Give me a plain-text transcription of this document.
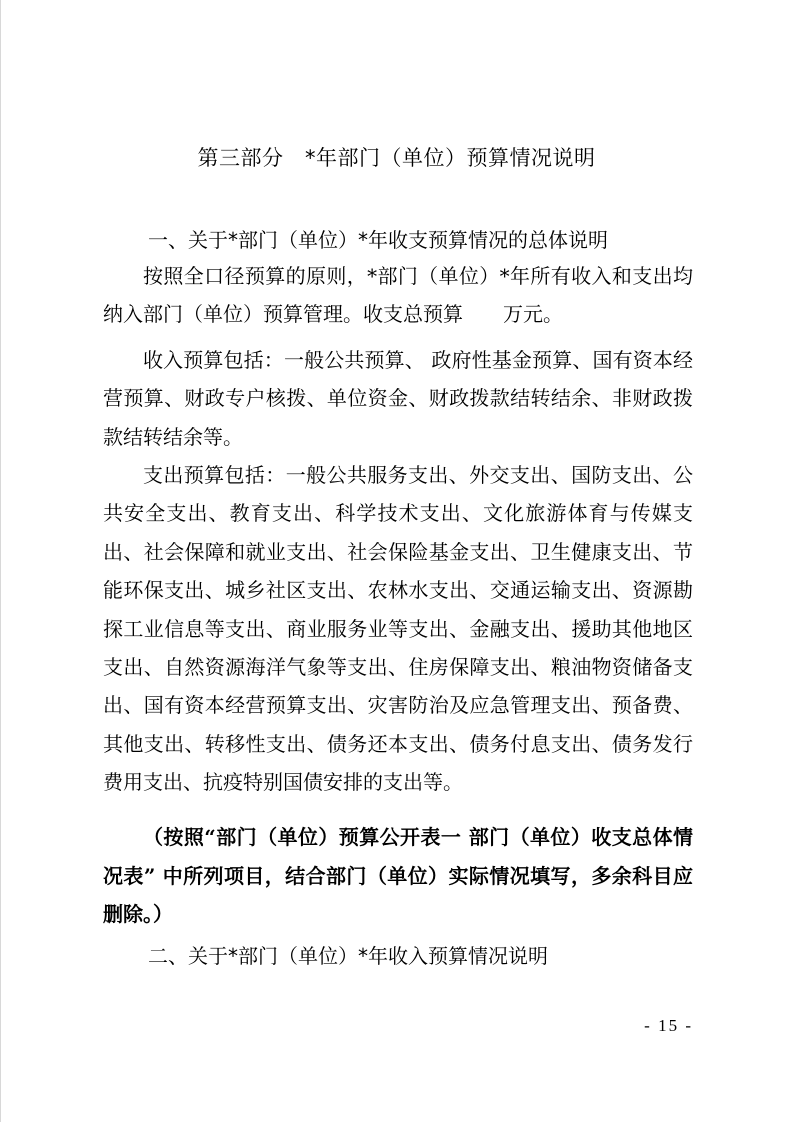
第三部分　*年部门（单位）预算情况说明
一、关于*部门（单位）*年收支预算情况的总体说明

按照全口径预算的原则，*部门（单位）*年所有收入和支出均纳入部门（单位）预算管理。收支总预算　　万元。

收入预算包括：一般公共预算、 政府性基金预算、国有资本经营预算、财政专户核拨、单位资金、财政拨款结转结余、非财政拨款结转结余等。

支出预算包括：一般公共服务支出、外交支出、国防支出、公共安全支出、教育支出、科学技术支出、文化旅游体育与传媒支出、社会保障和就业支出、社会保险基金支出、卫生健康支出、节能环保支出、城乡社区支出、农林水支出、交通运输支出、资源勘探工业信息等支出、商业服务业等支出、金融支出、援助其他地区支出、自然资源海洋气象等支出、住房保障支出、粮油物资储备支出、国有资本经营预算支出、灾害防治及应急管理支出、预备费、其他支出、转移性支出、债务还本支出、债务付息支出、债务发行费用支出、抗疫特别国债安排的支出等。

（按照“部门（单位）预算公开表一 部门（单位）收支总体情况表” 中所列项目，结合部门（单位）实际情况填写，多余科目应删除。）

二、关于*部门（单位）*年收入预算情况说明
- 15 -
